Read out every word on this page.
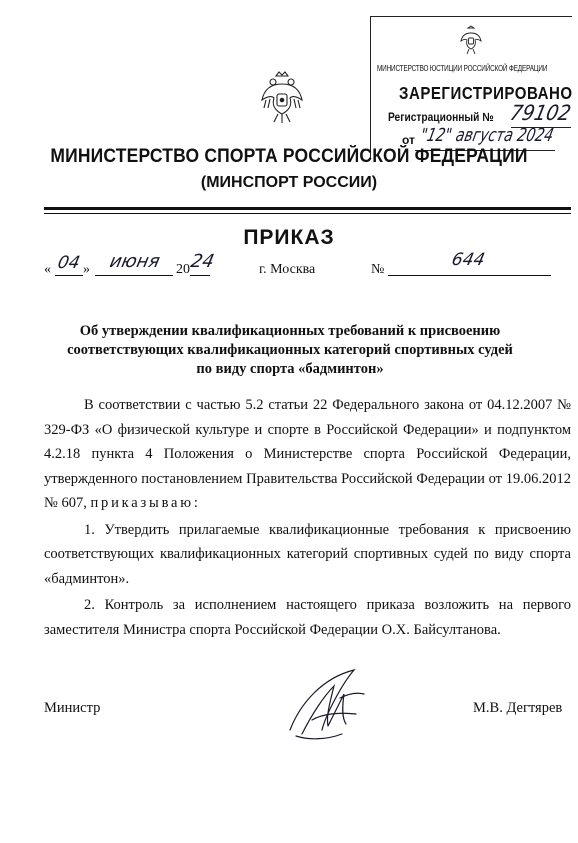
МИНИСТЕРСТВО ЮСТИЦИИ РОССИЙСКОЙ ФЕДЕРАЦИИ
ЗАРЕГИСТРИРОВАНО
Регистрационный № 79102
от "12" августа 2024
МИНИСТЕРСТВО СПОРТА РОССИЙСКОЙ ФЕДЕРАЦИИ
(МИНСПОРТ РОССИИ)
ПРИКАЗ
« 04 » июня 20
24	г. Москва	№	644
Об утверждении квалификационных требований к присвоению
соответствующих квалификационных категорий спортивных судей
по виду спорта «бадминтон»

В соответствии с частью 5.2 статьи 22 Федерального закона от 04.12.2007 № 329-ФЗ «О физической культуре и спорте в Российской Федерации» и подпунктом 4.2.18 пункта 4 Положения о Министерстве спорта Российской Федерации, утвержденного постановлением Правительства Российской Федерации от 19.06.2012 № 607, приказываю:

1. Утвердить прилагаемые квалификационные требования к присвоению соответствующих квалификационных категорий спортивных судей по виду спорта «бадминтон».

2. Контроль за исполнением настоящего приказа возложить на первого заместителя Министра спорта Российской Федерации О.Х. Байсултанова.

Министр	М.В. Дегтярев
